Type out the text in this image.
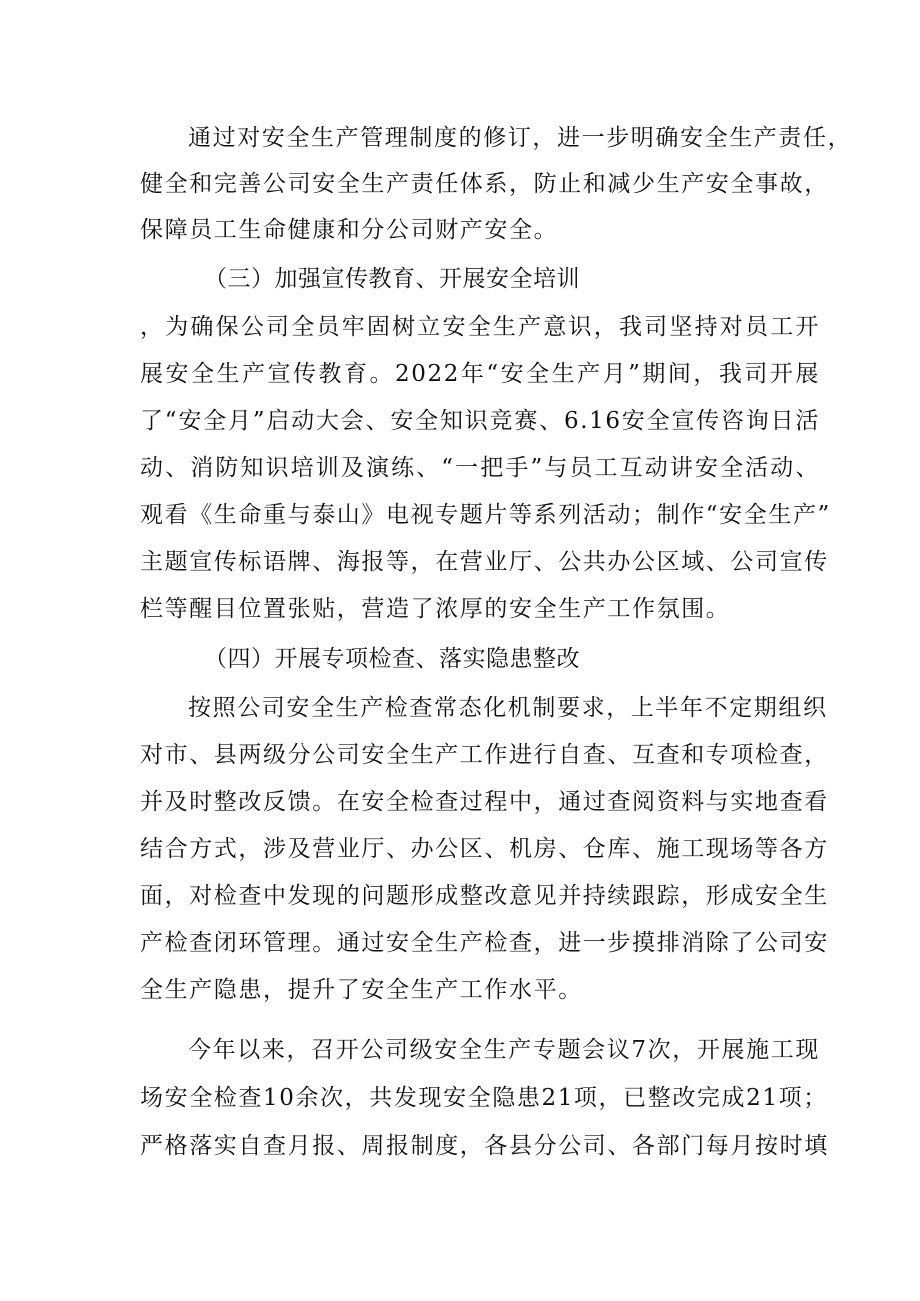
通过对安全生产管理制度的修订，进一步明确安全生产责任，
健全和完善公司安全生产责任体系，防止和减少生产安全事故，
保障员工生命健康和分公司财产安全。
（三）加强宣传教育、开展安全培训
，为确保公司全员牢固树立安全生产意识，我司坚持对员工开
展安全生产宣传教育。2022年“安全生产月”期间，我司开展
了“安全月”启动大会、安全知识竞赛、6.16安全宣传咨询日活
动、消防知识培训及演练、“一把手”与员工互动讲安全活动、
观看《生命重与泰山》电视专题片等系列活动；制作“安全生产”
主题宣传标语牌、海报等，在营业厅、公共办公区域、公司宣传
栏等醒目位置张贴，营造了浓厚的安全生产工作氛围。
（四）开展专项检查、落实隐患整改
按照公司安全生产检查常态化机制要求，上半年不定期组织
对市、县两级分公司安全生产工作进行自查、互查和专项检查，
并及时整改反馈。在安全检查过程中，通过查阅资料与实地查看
结合方式，涉及营业厅、办公区、机房、仓库、施工现场等各方
面，对检查中发现的问题形成整改意见并持续跟踪，形成安全生
产检查闭环管理。通过安全生产检查，进一步摸排消除了公司安
全生产隐患，提升了安全生产工作水平。
今年以来，召开公司级安全生产专题会议7次，开展施工现
场安全检查10余次，共发现安全隐患21项，已整改完成21项；
严格落实自查月报、周报制度，各县分公司、各部门每月按时填
